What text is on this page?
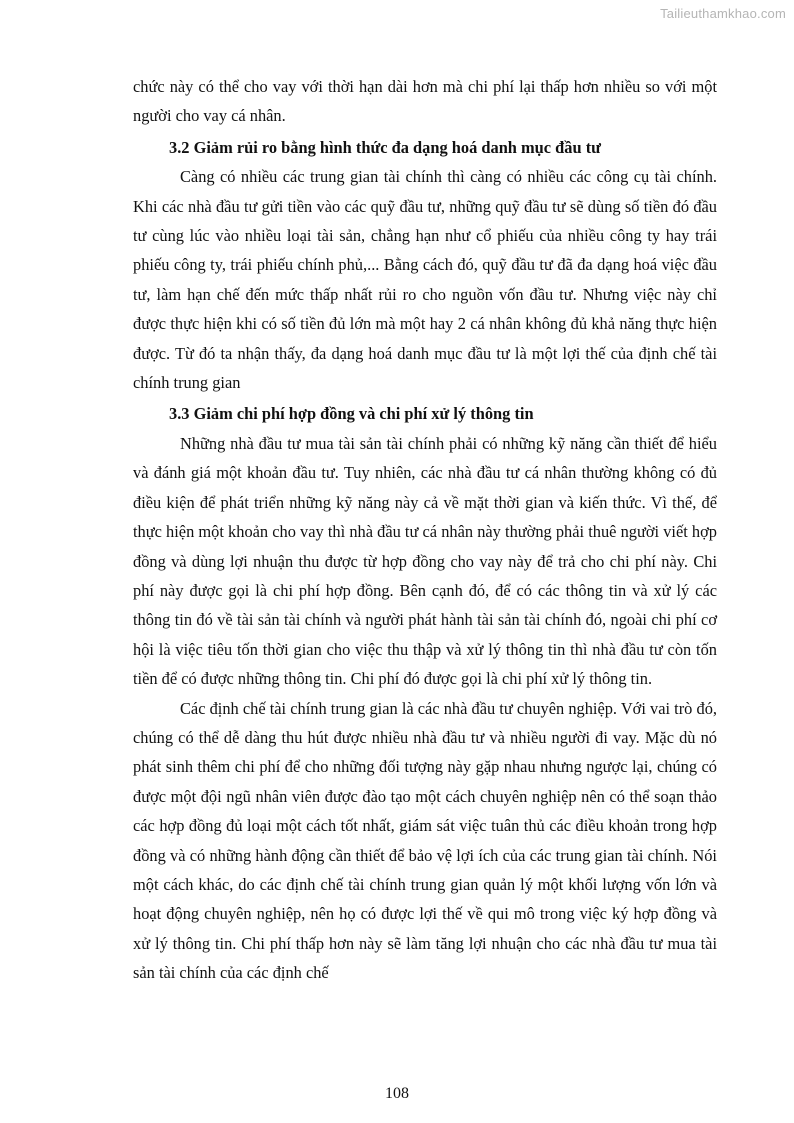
Tailieuthamkhao.com

chức này có thể cho vay với thời hạn dài hơn mà chi phí lại thấp hơn nhiều so với một người cho vay cá nhân.

3.2 Giảm rủi ro bằng hình thức đa dạng hoá danh mục đầu tư

Càng có nhiều các trung gian tài chính thì càng có nhiều các công cụ tài chính. Khi các nhà đầu tư gửi tiền vào các quỹ đầu tư, những quỹ đầu tư sẽ dùng số tiền đó đầu tư cùng lúc vào nhiều loại tài sản, chẳng hạn như cổ phiếu của nhiều công ty hay trái phiếu công ty, trái phiếu chính phủ,... Bằng cách đó, quỹ đầu tư đã đa dạng hoá việc đầu tư, làm hạn chế đến mức thấp nhất rủi ro cho nguồn vốn đầu tư. Nhưng việc này chỉ được thực hiện khi có số tiền đủ lớn mà một hay 2 cá nhân không đủ khả năng thực hiện được. Từ đó ta nhận thấy, đa dạng hoá danh mục đầu tư là một lợi thế của định chế tài chính trung gian

3.3 Giảm chi phí hợp đồng và chi phí xử lý thông tin

Những nhà đầu tư mua tài sản tài chính phải có những kỹ năng cần thiết để hiểu và đánh giá một khoản đầu tư. Tuy nhiên, các nhà đầu tư cá nhân thường không có đủ điều kiện để phát triển những kỹ năng này cả về mặt thời gian và kiến thức. Vì thế, để thực hiện một khoản cho vay thì nhà đầu tư cá nhân này thường phải thuê người viết hợp đồng và dùng lợi nhuận thu được từ hợp đồng cho vay này để trả cho chi phí này. Chi phí này được gọi là chi phí hợp đồng. Bên cạnh đó, để có các thông tin và xử lý các thông tin đó về tài sản tài chính và người phát hành tài sản tài chính đó, ngoài chi phí cơ hội là việc tiêu tốn thời gian cho việc thu thập và xử lý thông tin thì nhà đầu tư còn tốn tiền để có được những thông tin. Chi phí đó được gọi là chi phí xử lý thông tin.

Các định chế tài chính trung gian là các nhà đầu tư chuyên nghiệp. Với vai trò đó, chúng có thể dễ dàng thu hút được nhiều nhà đầu tư và nhiều người đi vay. Mặc dù nó phát sinh thêm chi phí để cho những đối tượng này gặp nhau nhưng ngược lại, chúng có được một đội ngũ nhân viên được đào tạo một cách chuyên nghiệp nên có thể soạn thảo các hợp đồng đủ loại một cách tốt nhất, giám sát việc tuân thủ các điều khoản trong hợp đồng và có những hành động cần thiết để bảo vệ lợi ích của các trung gian tài chính. Nói một cách khác, do các định chế tài chính trung gian quản lý một khối lượng vốn lớn và hoạt động chuyên nghiệp, nên họ có được lợi thế về qui mô trong việc ký hợp đồng và xử lý thông tin. Chi phí thấp hơn này sẽ làm tăng lợi nhuận cho các nhà đầu tư mua tài sản tài chính của các định chế

108
